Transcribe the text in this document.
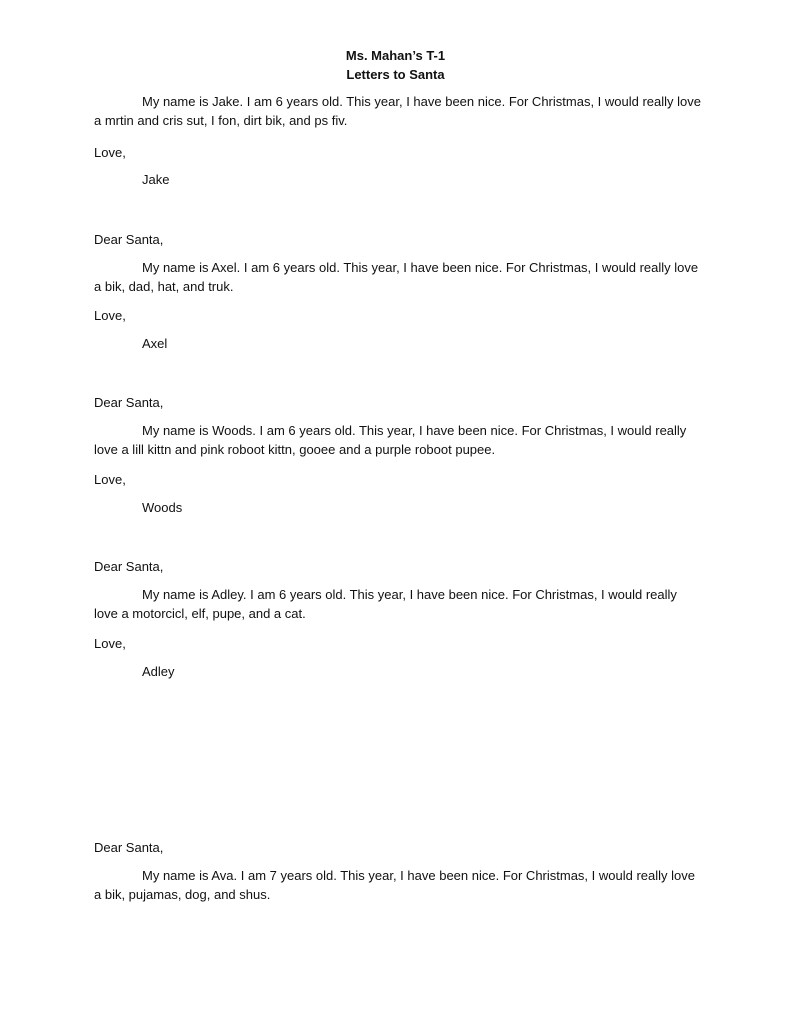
Ms. Mahan’s T-1
Letters to Santa
My name is Jake. I am 6 years old. This year, I have been nice. For Christmas, I would really love a mrtin and cris sut, I fon, dirt bik, and ps fiv.
Love,
Jake
Dear Santa,
My name is Axel. I am 6 years old. This year, I have been nice. For Christmas, I would really love a bik, dad, hat, and truk.
Love,
Axel
Dear Santa,
My name is Woods. I am 6 years old. This year, I have been nice. For Christmas, I would really love a lill kittn and pink roboot kittn, gooee and a purple roboot pupee.
Love,
Woods
Dear Santa,
My name is Adley. I am 6 years old. This year, I have been nice. For Christmas, I would really love a motorcicl, elf, pupe, and a cat.
Love,
Adley
Dear Santa,
My name is Ava. I am 7 years old. This year, I have been nice. For Christmas, I would really love a bik, pujamas, dog, and shus.
